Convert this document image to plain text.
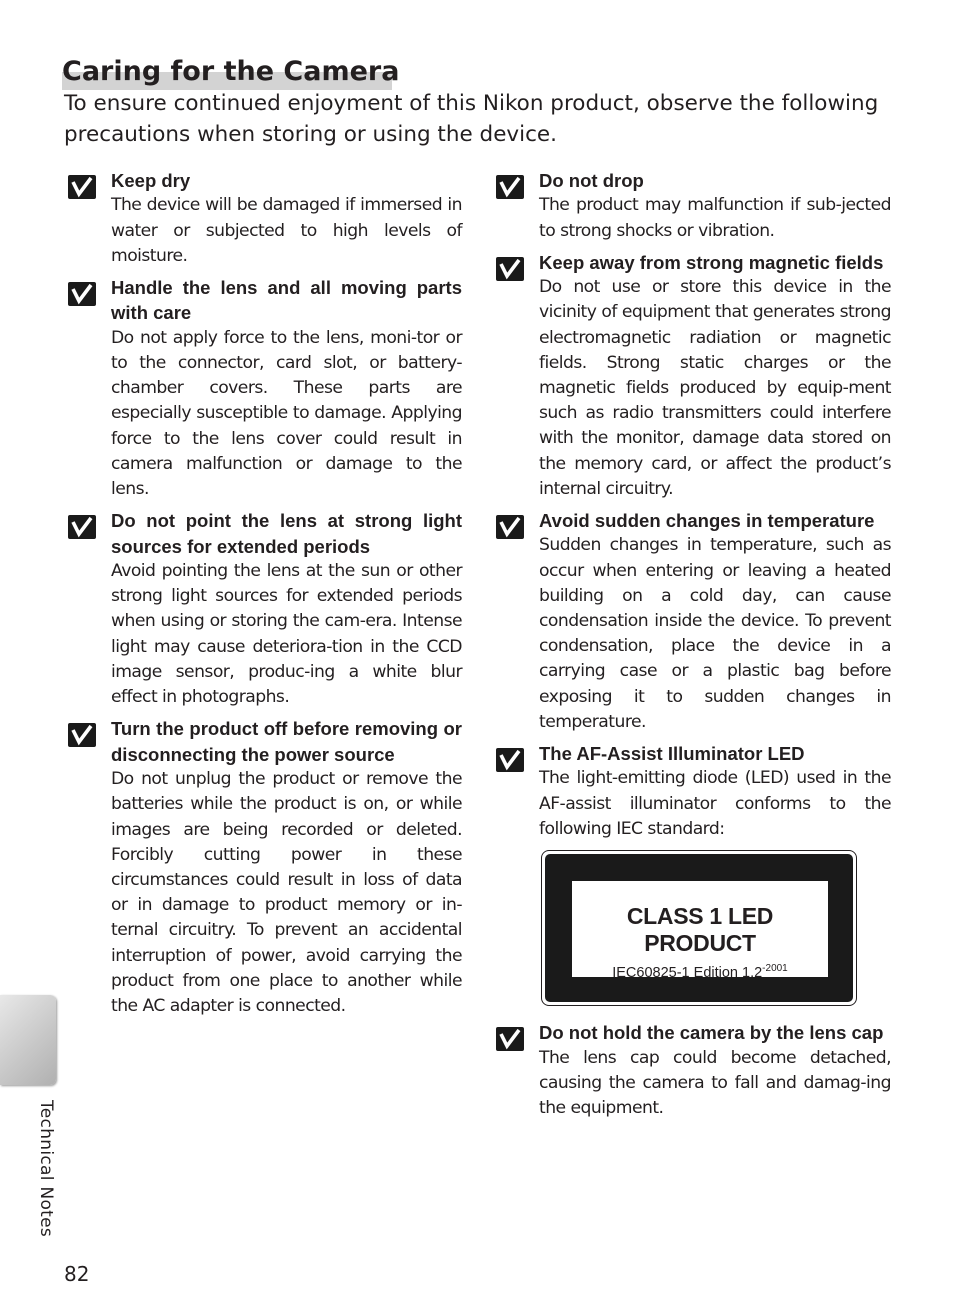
Caring for the Camera
To ensure continued enjoyment of this Nikon product, observe the following precautions when storing or using the device.
Keep dry
The device will be damaged if immersed in water or subjected to high levels of moisture.
Handle the lens and all moving parts with care
Do not apply force to the lens, moni-tor or to the connector, card slot, or battery-chamber covers. These parts are especially susceptible to damage. Applying force to the lens cover could result in camera malfunction or damage to the lens.
Do not point the lens at strong light sources for extended periods
Avoid pointing the lens at the sun or other strong light sources for extended periods when using or storing the cam-era. Intense light may cause deteriora-tion in the CCD image sensor, produc-ing a white blur effect in photographs.
Turn the product off before removing or disconnecting the power source
Do not unplug the product or remove the batteries while the product is on, or while images are being recorded or deleted. Forcibly cutting power in these circumstances could result in loss of data or in damage to product memory or in-ternal circuitry. To prevent an accidental interruption of power, avoid carrying the product from one place to another while the AC adapter is connected.
Do not drop
The product may malfunction if sub-jected to strong shocks or vibration.
Keep away from strong magnetic fields
Do not use or store this device in the vicinity of equipment that generates strong electromagnetic radiation or magnetic fields. Strong static charges or the magnetic fields produced by equip-ment such as radio transmitters could interfere with the monitor, damage data stored on the memory card, or affect the product’s internal circuitry.
Avoid sudden changes in temperature
Sudden changes in temperature, such as occur when entering or leaving a heated building on a cold day, can cause condensation inside the device. To prevent condensation, place the device in a carrying case or a plastic bag before exposing it to sudden changes in temperature.
The AF-Assist Illuminator LED
The light-emitting diode (LED) used in the AF-assist illuminator conforms to the following IEC standard:
CLASS 1 LED PRODUCT
IEC60825-1 Edition $1.2^{-2001}$
Do not hold the camera by the lens cap
The lens cap could become detached, causing the camera to fall and damag-ing the equipment.
Technical Notes
82
